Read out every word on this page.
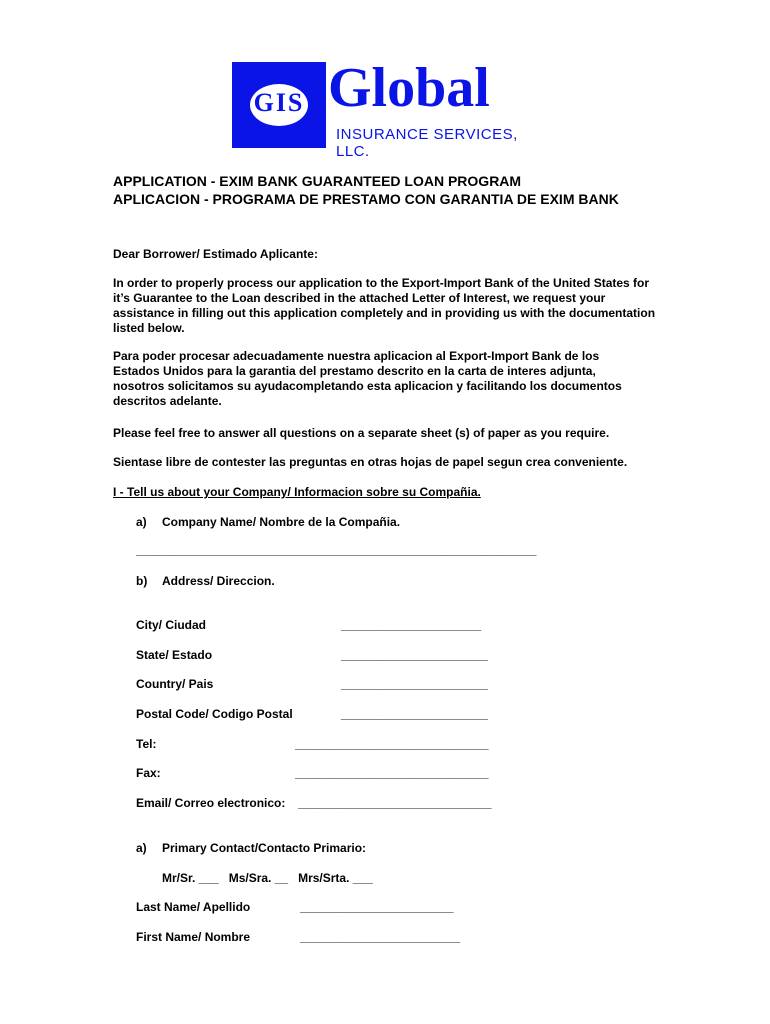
GIS Global
INSURANCE SERVICES, LLC.
APPLICATION - EXIM BANK GUARANTEED LOAN PROGRAM
APLICACION - PROGRAMA DE PRESTAMO CON GARANTIA DE EXIM BANK
Dear Borrower/ Estimado Aplicante:
In order to properly process our application to the Export-Import Bank of the United States for it’s Guarantee to the Loan described in the attached Letter of Interest, we request your assistance in filling out this application completely and in providing us with the documentation listed below.
Para poder procesar adecuadamente nuestra aplicacion al Export-Import Bank de los Estados Unidos para la garantia del prestamo descrito en la carta de interes adjunta, nosotros solicitamos su ayudacompletando esta aplicacion y facilitando los documentos descritos adelante.
Please feel free to answer all questions on a separate sheet (s) of paper as you require.
Sientase libre de contester las preguntas en otras hojas de papel segun crea conveniente.
I - Tell us about your Company/ Informacion sobre su Compañia.
a) Company Name/ Nombre de la Compañia.
____________________________________________________________
b) Address/ Direccion.
City/ Ciudad	_____________________
State/ Estado	______________________
Country/ Pais	______________________
Postal Code/ Codigo Postal	______________________
Tel:	_____________________________
Fax:	_____________________________
Email/ Correo electronico: _____________________________
a) Primary Contact/Contacto Primario:
Mr/Sr. ___   Ms/Sra. __   Mrs/Srta. ___
Last Name/ Apellido	_______________________
First Name/ Nombre	________________________
